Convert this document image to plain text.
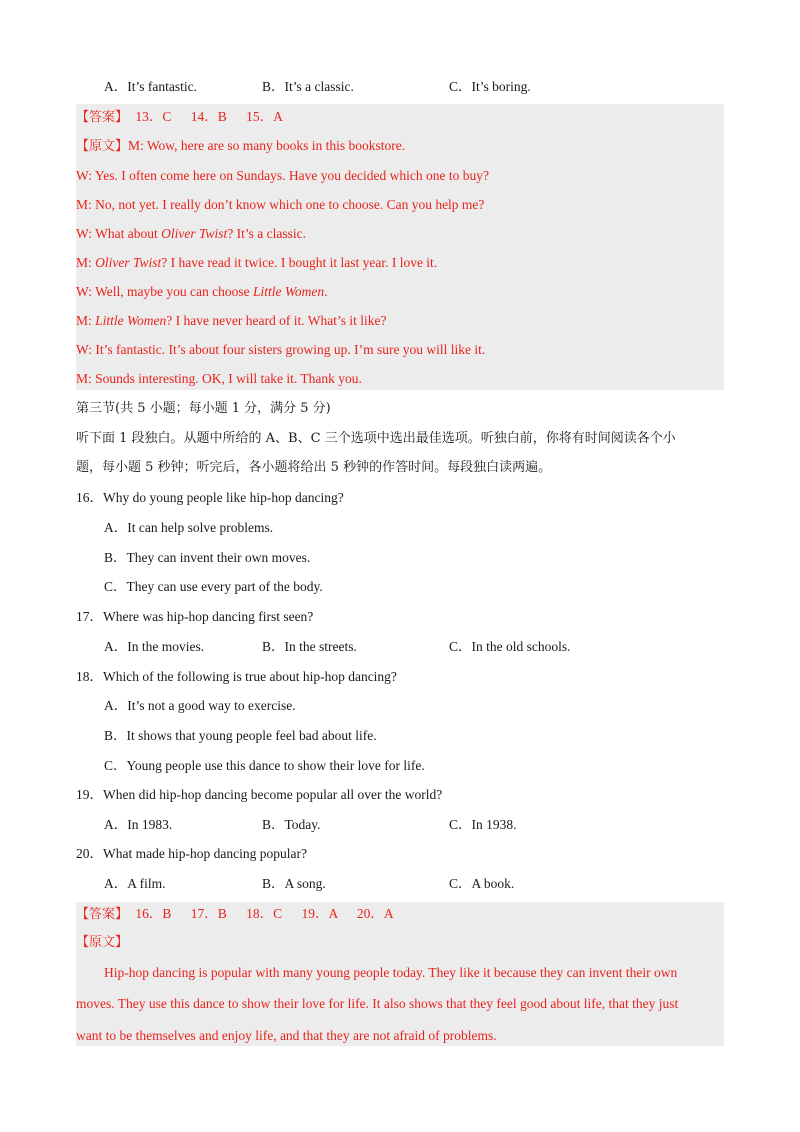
A．It’s fantastic.	B．It’s a classic.	C．It’s boring.
【答案】 13．C 14．B 15．A
【原文】M: Wow, here are so many books in this bookstore.
W: Yes. I often come here on Sundays. Have you decided which one to buy?
M: No, not yet. I really don’t know which one to choose. Can you help me?
W: What about Oliver Twist? It’s a classic.
M: Oliver Twist? I have read it twice. I bought it last year. I love it.
W: Well, maybe you can choose Little Women.
M: Little Women? I have never heard of it. What’s it like?
W: It’s fantastic. It’s about four sisters growing up. I’m sure you will like it.
M: Sounds interesting. OK, I will take it. Thank you.
第三节(共 5 小题；每小题 1 分，满分 5 分)
听下面 1 段独白。从题中所给的 A、B、C 三个选项中选出最佳选项。听独白前，你将有时间阅读各个小
题，每小题 5 秒钟；听完后，各小题将给出 5 秒钟的作答时间。每段独白读两遍。
16．Why do young people like hip-hop dancing?
A．It can help solve problems.
B．They can invent their own moves.
C．They can use every part of the body.
17．Where was hip-hop dancing first seen?
A．In the movies.	B．In the streets.	C．In the old schools.
18．Which of the following is true about hip-hop dancing?
A．It’s not a good way to exercise.
B．It shows that young people feel bad about life.
C．Young people use this dance to show their love for life.
19．When did hip-hop dancing become popular all over the world?
A．In 1983.	B．Today.	C．In 1938.
20．What made hip-hop dancing popular?
A．A film.	B．A song.	C．A book.
【答案】 16．B 17．B 18．C 19．A 20．A
【原文】
Hip-hop dancing is popular with many young people today. They like it because they can invent their own
moves. They use this dance to show their love for life. It also shows that they feel good about life, that they just
want to be themselves and enjoy life, and that they are not afraid of problems.
